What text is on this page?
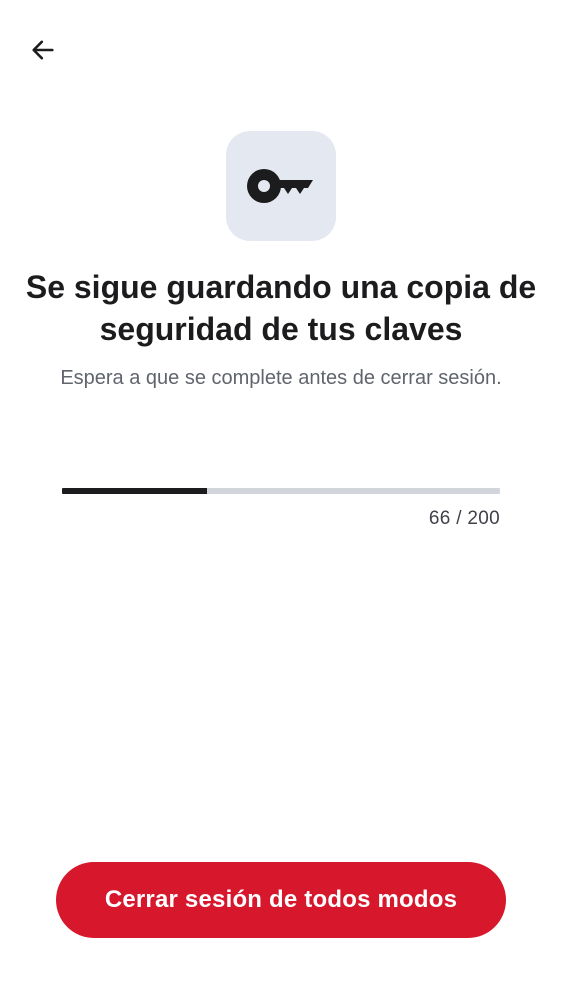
Se sigue guardando una copia de seguridad de tus claves

Espera a que se complete antes de cerrar sesión.

66 / 200
Cerrar sesión de todos modos
